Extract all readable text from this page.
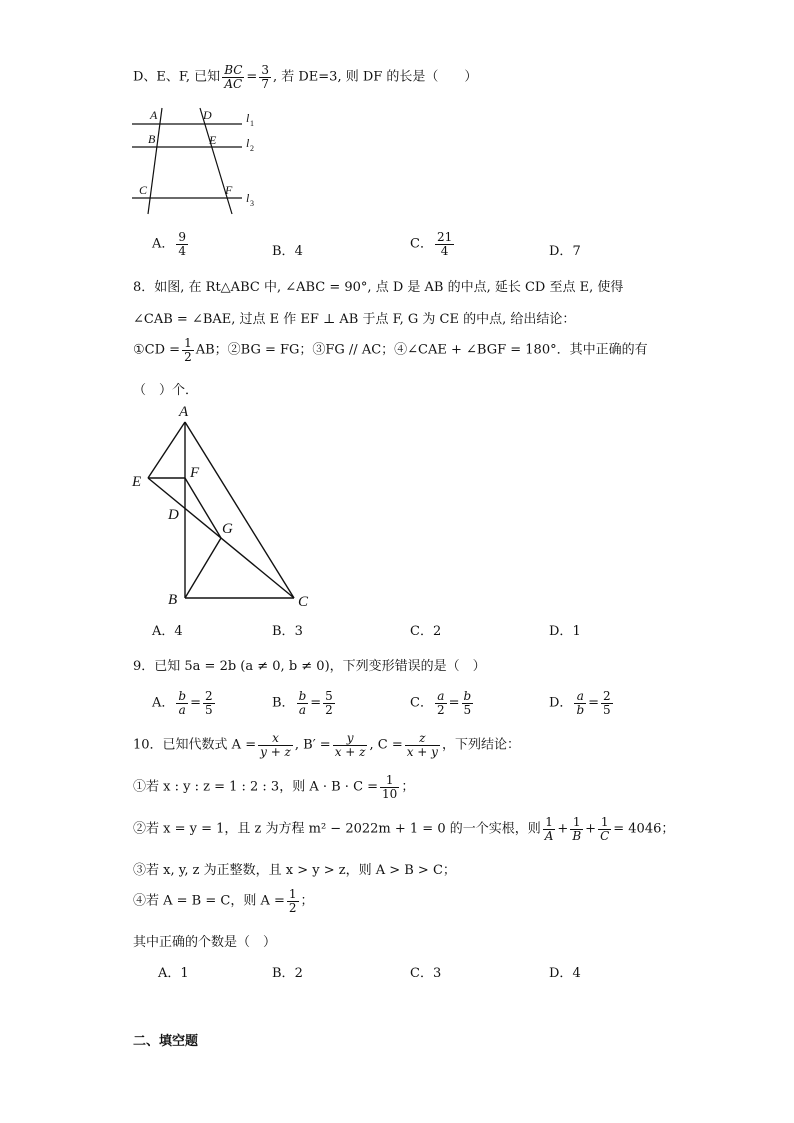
D、E、F, 已知 $\frac{BC}{AC} = \frac{3}{7}$ , 若 DE=3, 则 DF 的长是（　　）
A	D
B	E
C	F
l 1
l 2
l 3
A． $\frac{9}{4}$	B．4	C． $\frac{21}{4}$	D．7
8．如图, 在 Rt△ABC 中, ∠ABC = 90°, 点 D 是 AB 的中点, 延长 CD 至点 E, 使得
∠CAB = ∠BAE, 过点 E 作 EF ⊥ AB 于点 F, G 为 CE 的中点, 给出结论：
①CD = $\frac{1}{2}$ AB；②BG = FG；③FG // AC；④∠CAE + ∠BGF = 180°．其中正确的有
（　）个．
A
E
F
D
G
B	C
A．4	B．3	C．2	D．1
9．已知 5a = 2b (a ≠ 0, b ≠ 0)，下列变形错误的是（　）
A． $\frac{b}{a} = \frac{2}{5}$	B． $\frac{b}{a} = \frac{5}{2}$	C． $\frac{a}{2} = \frac{b}{5}$	D． $\frac{a}{b} = \frac{2}{5}$
10．已知代数式 $A = \frac{x}{y + z}$ , $B' = \frac{y}{x + z}$ , $C = \frac{z}{x + y}$ ，下列结论：
①若 x : y : z = 1 : 2 : 3，则 $A \cdot B \cdot C = \frac{1}{10}$ ；
②若 x = y = 1，且 z 为方程 m² − 2022m + 1 = 0 的一个实根，则 $\frac{1}{A} + \frac{1}{B} + \frac{1}{C} = 4046$；
③若 x, y, z 为正整数，且 x > y > z，则 A > B > C；
④若 A = B = C，则 $A = \frac{1}{2}$ ；
其中正确的个数是（　）
A．1	B．2	C．3	D．4
二、填空题
